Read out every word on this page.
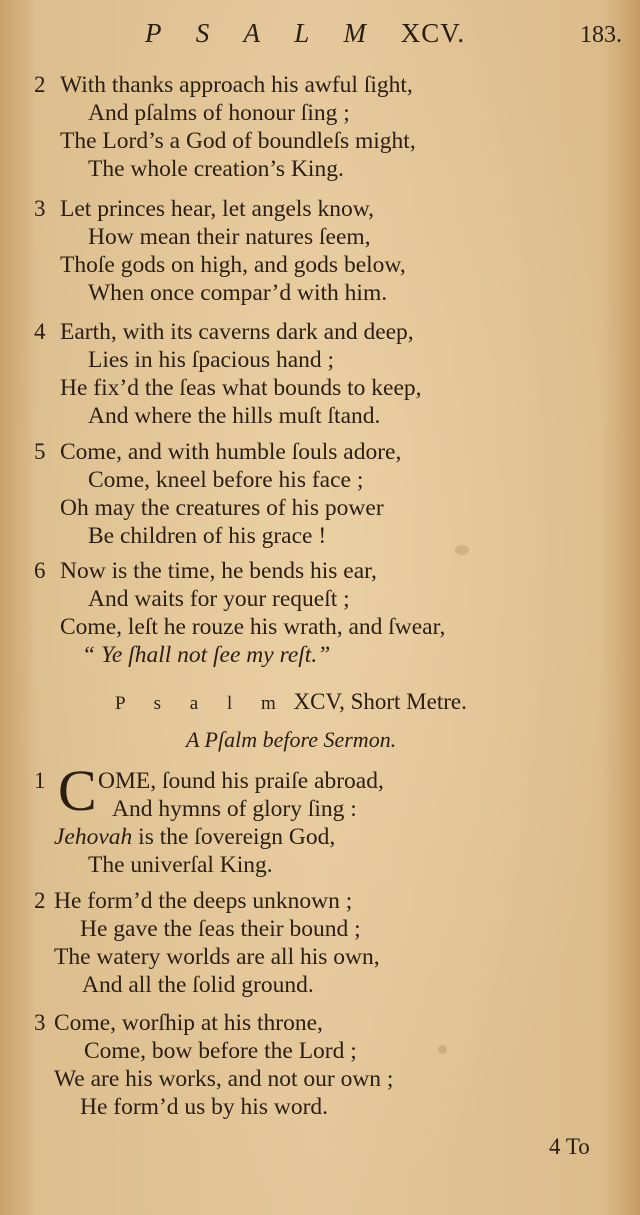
P S A L M XCV.	183.
2 With thanks approach his awful ſight,
And pſalms of honour ſing ;
The Lord’s a God of boundleſs might,
The whole creation’s King.
3 Let princes hear, let angels know,
How mean their natures ſeem,
Thoſe gods on high, and gods below,
When once compar’d with him.
4 Earth, with its caverns dark and deep,
Lies in his ſpacious hand ;
He fix’d the ſeas what bounds to keep,
And where the hills muſt ſtand.
5 Come, and with humble ſouls adore,
Come, kneel before his face ;
Oh may the creatures of his power
Be children of his grace !
6 Now is the time, he bends his ear,
And waits for your requeſt ;
Come, leſt he rouze his wrath, and ſwear,
“ Ye ſhall not ſee my reſt.”
P s a l m XCV, Short Metre.
A Pſalm before Sermon.
1 OME, ſound his praiſe abroad,
And hymns of glory ſing :
Jehovah is the ſovereign God,
The univerſal King.
C
2 He form’d the deeps unknown ;
He gave the ſeas their bound ;
The watery worlds are all his own,
And all the ſolid ground.
3 Come, worſhip at his throne,
Come, bow before the Lord ;
We are his works, and not our own ;
He form’d us by his word.
4 To
